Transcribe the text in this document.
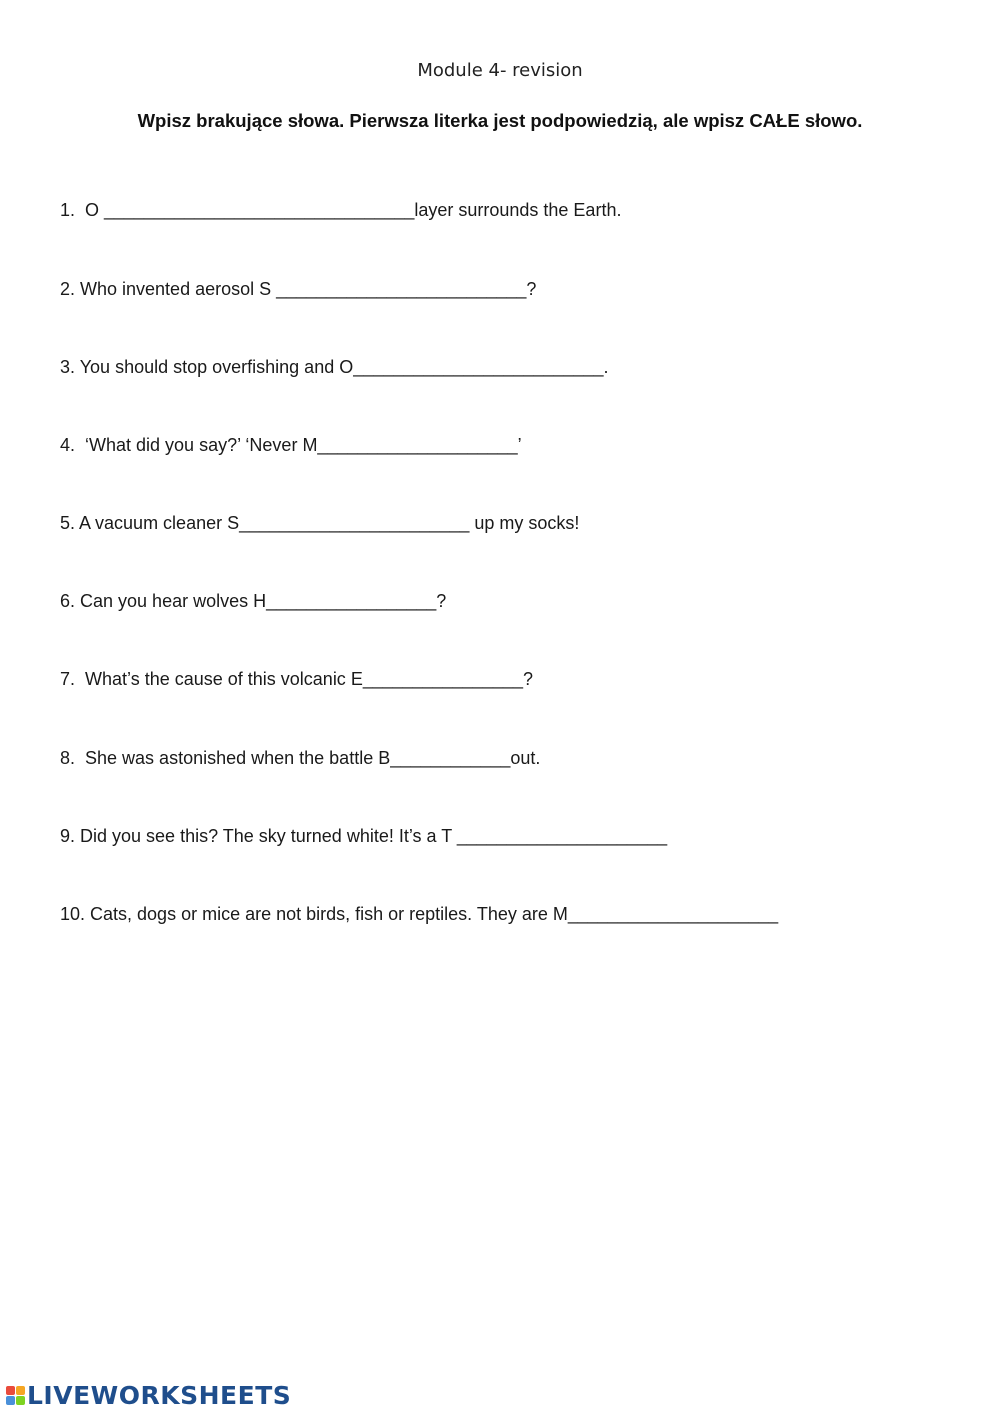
Module 4- revision
Wpisz brakujące słowa. Pierwsza literka jest podpowiedzią, ale wpisz CAŁE słowo.
1.  O _______________________________layer surrounds the Earth.
2. Who invented aerosol S _________________________?
3. You should stop overfishing and O_________________________.
4.  ‘What did you say?’ ‘Never M____________________’
5. A vacuum cleaner S_______________________ up my socks!
6. Can you hear wolves H_________________?
7.  What’s the cause of this volcanic E________________?
8.  She was astonished when the battle B____________out.
9. Did you see this? The sky turned white! It’s a T _____________________
10. Cats, dogs or mice are not birds, fish or reptiles. They are M_____________________
LIVEWORKSHEETS
